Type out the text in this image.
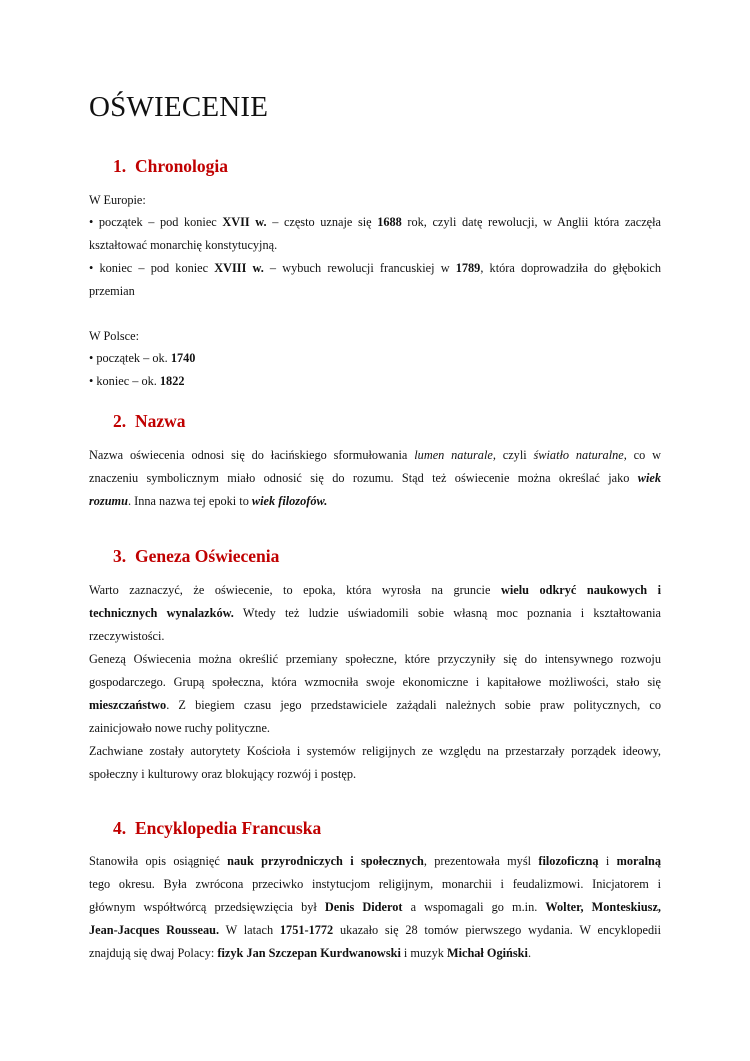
OŚWIECENIE
1. Chronologia
W Europie:
• początek – pod koniec XVII w. – często uznaje się 1688 rok, czyli datę rewolucji, w Anglii która zaczęła
kształtować monarchię konstytucyjną.
• koniec – pod koniec XVIII w. – wybuch rewolucji francuskiej w 1789, która doprowadziła do głębokich
przemian
W Polsce:
• początek – ok. 1740
• koniec – ok. 1822
2. Nazwa
Nazwa oświecenia odnosi się do łacińskiego sformułowania lumen naturale, czyli światło naturalne, co w
znaczeniu symbolicznym miało odnosić się do rozumu. Stąd też oświecenie można określać jako wiek
rozumu. Inna nazwa tej epoki to wiek filozofów.
3. Geneza Oświecenia
Warto zaznaczyć, że oświecenie, to epoka, która wyrosła na gruncie wielu odkryć naukowych i
technicznych wynalazków. Wtedy też ludzie uświadomili sobie własną moc poznania i kształtowania
rzeczywistości.
Genezą Oświecenia można określić przemiany społeczne, które przyczyniły się do intensywnego rozwoju
gospodarczego. Grupą społeczna, która wzmocniła swoje ekonomiczne i kapitałowe możliwości, stało się
mieszczaństwo. Z biegiem czasu jego przedstawiciele zażądali należnych sobie praw politycznych, co
zainicjowało nowe ruchy polityczne.
Zachwiane zostały autorytety Kościoła i systemów religijnych ze względu na przestarzały porządek ideowy,
społeczny i kulturowy oraz blokujący rozwój i postęp.
4. Encyklopedia Francuska
Stanowiła opis osiągnięć nauk przyrodniczych i społecznych, prezentowała myśl filozoficzną i moralną
tego okresu. Była zwrócona przeciwko instytucjom religijnym, monarchii i feudalizmowi. Inicjatorem i
głównym współtwórcą przedsięwzięcia był Denis Diderot a wspomagali go m.in. Wolter, Monteskiusz,
Jean-Jacques Rousseau. W latach 1751-1772 ukazało się 28 tomów pierwszego wydania. W encyklopedii
znajdują się dwaj Polacy: fizyk Jan Szczepan Kurdwanowski i muzyk Michał Ogiński.
